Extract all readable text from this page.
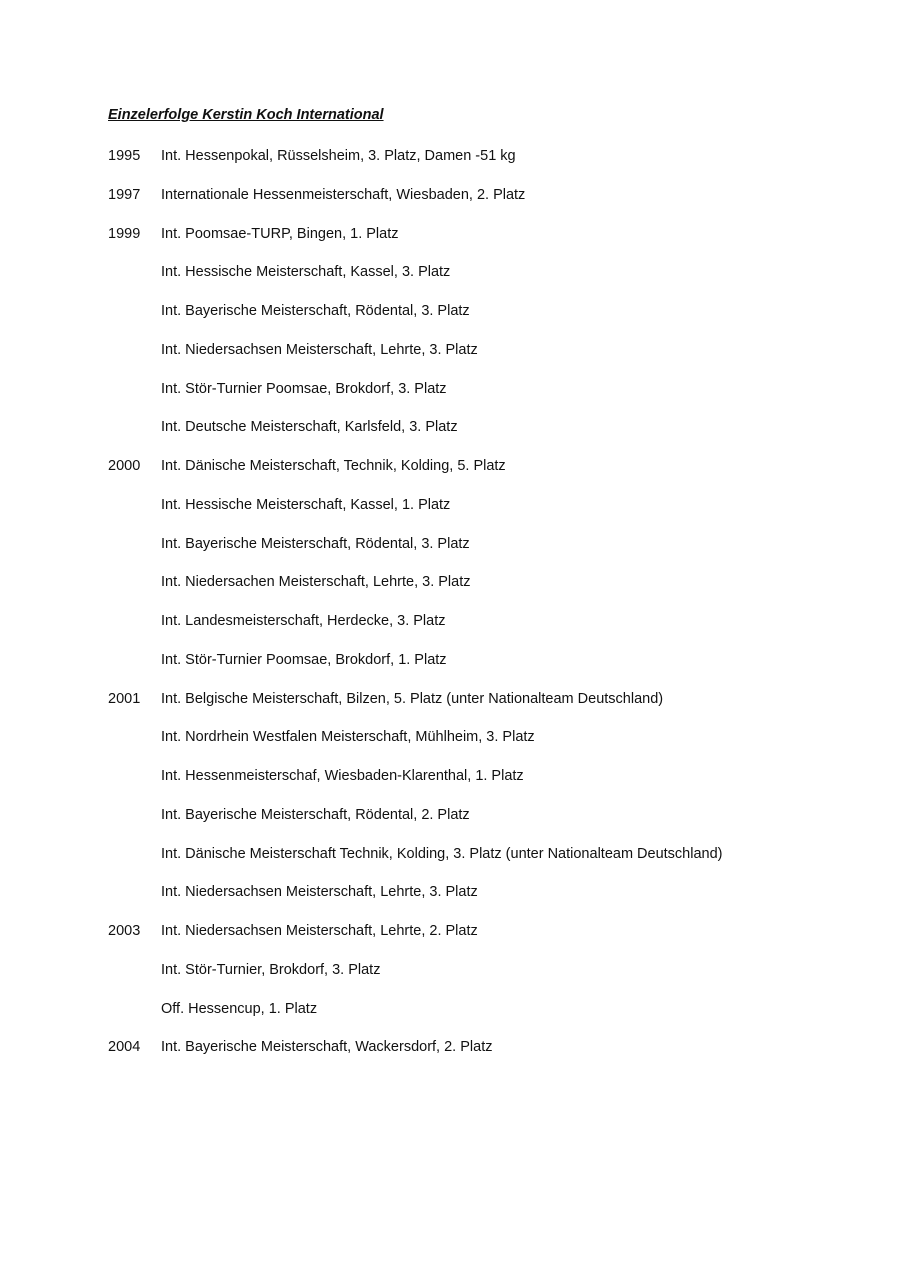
Einzelerfolge Kerstin Koch International
1995	Int. Hessenpokal, Rüsselsheim, 3. Platz, Damen -51 kg
1997	Internationale Hessenmeisterschaft, Wiesbaden, 2. Platz
1999	Int. Poomsae-TURP, Bingen, 1. Platz
Int. Hessische Meisterschaft, Kassel, 3. Platz
Int. Bayerische Meisterschaft, Rödental, 3. Platz
Int. Niedersachsen Meisterschaft, Lehrte, 3. Platz
Int. Stör-Turnier Poomsae, Brokdorf, 3. Platz
Int. Deutsche Meisterschaft, Karlsfeld, 3. Platz
2000	Int. Dänische Meisterschaft, Technik, Kolding, 5. Platz
Int. Hessische Meisterschaft, Kassel, 1. Platz
Int. Bayerische Meisterschaft, Rödental, 3. Platz
Int. Niedersachen Meisterschaft, Lehrte, 3. Platz
Int. Landesmeisterschaft, Herdecke, 3. Platz
Int. Stör-Turnier Poomsae, Brokdorf, 1. Platz
2001	Int. Belgische Meisterschaft, Bilzen, 5. Platz (unter Nationalteam Deutschland)
Int. Nordrhein Westfalen Meisterschaft, Mühlheim, 3. Platz
Int. Hessenmeisterschaf, Wiesbaden-Klarenthal, 1. Platz
Int. Bayerische Meisterschaft, Rödental, 2. Platz
Int. Dänische Meisterschaft Technik, Kolding, 3. Platz (unter Nationalteam Deutschland)
Int. Niedersachsen Meisterschaft, Lehrte, 3. Platz
2003	Int. Niedersachsen Meisterschaft, Lehrte, 2. Platz
Int. Stör-Turnier, Brokdorf, 3. Platz
Off. Hessencup, 1. Platz
2004	Int. Bayerische Meisterschaft, Wackersdorf, 2. Platz
